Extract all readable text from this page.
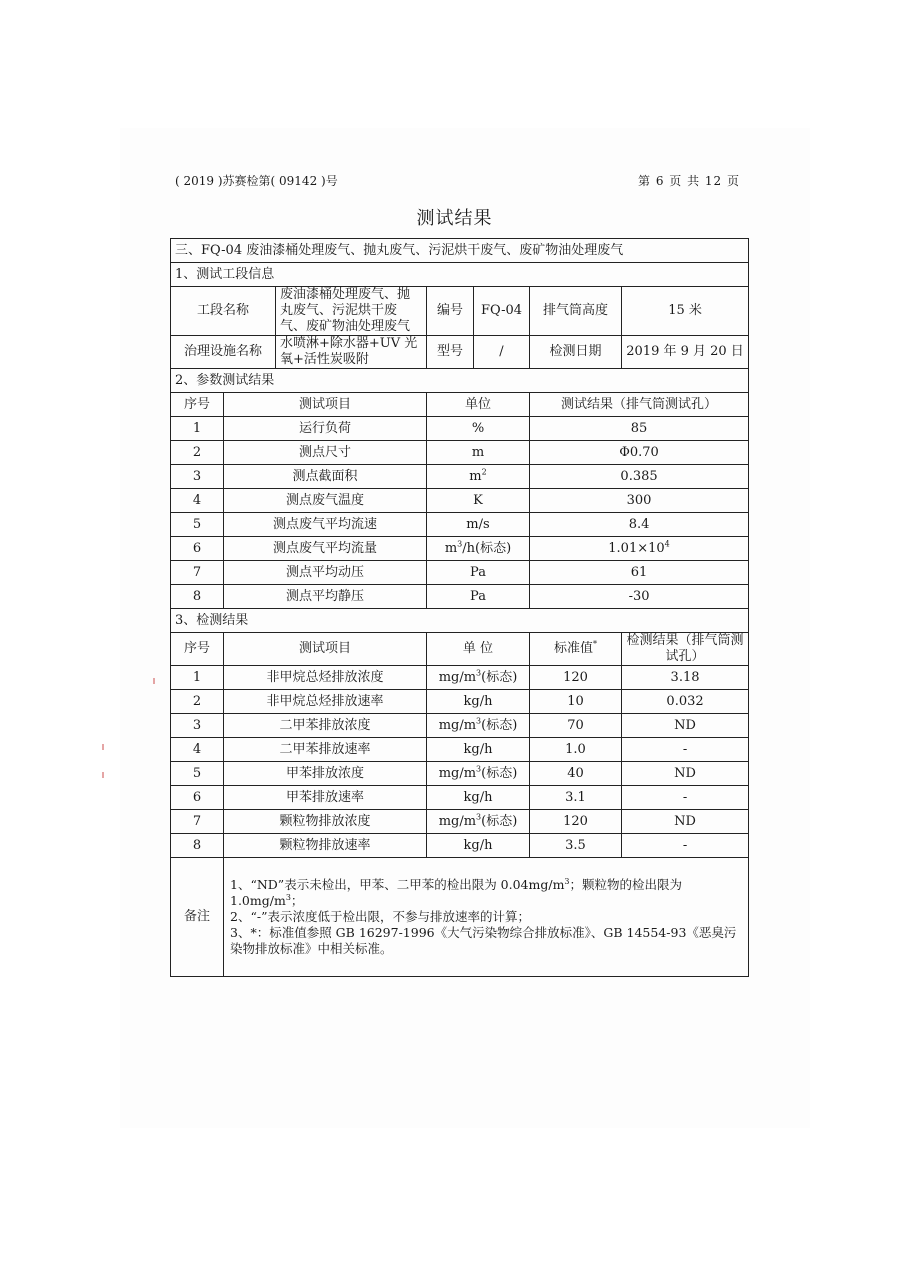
( 2019 )苏赛检第( 09142 )号	第 6 页 共 12 页
测试结果
三、FQ-04 废油漆桶处理废气、抛丸废气、污泥烘干废气、废矿物油处理废气						
1、测试工段信息						
工段名称		废油漆桶处理废气、抛丸废气、污泥烘干废气、废矿物油处理废气	编号	FQ-04	排气筒高度	15 米
治理设施名称		水喷淋+除水器+UV 光氧+活性炭吸附	型号	/	检测日期	2019 年 9 月 20 日
2、参数测试结果						
序号	测试项目		单位		测试结果（排气筒测试孔）	
1	运行负荷		%		85	
2	测点尺寸		m		Φ0.70	
3	测点截面积		$m^2$		0.385	
4	测点废气温度		K		300	
5	测点废气平均流速		m/s		8.4	
6	测点废气平均流量		$m^3/h$(标态)		$1.01\times 10^4$
7	测点平均动压		Pa		61	
8	测点平均静压		Pa		-30	
3、检测结果						
序号	测试项目		单 位		标准值*	检测结果（排气筒测试孔）
1	非甲烷总烃排放浓度		$mg/m^3$(标态)		120	3.18
2	非甲烷总烃排放速率		kg/h		10	0.032
3	二甲苯排放浓度		$mg/m^3$(标态)		70	ND
4	二甲苯排放速率		kg/h		1.0	-
5	甲苯排放浓度		$mg/m^3$(标态)		40	ND
6	甲苯排放速率		kg/h		3.1	-
7	颗粒物排放浓度		$mg/m^3$(标态)		120	ND
8	颗粒物排放速率		kg/h		3.5	-
备注	1、“ND”表示未检出，甲苯、二甲苯的检出限为 $0.04mg/m^3$；颗粒物的检出限为 $1.0mg/m^3$；
2、“-”表示浓度低于检出限，不参与排放速率的计算；
3、*：标准值参照 GB 16297-1996《大气污染物综合排放标准》、GB 14554-93《恶臭污染物排放标准》中相关标准。					
